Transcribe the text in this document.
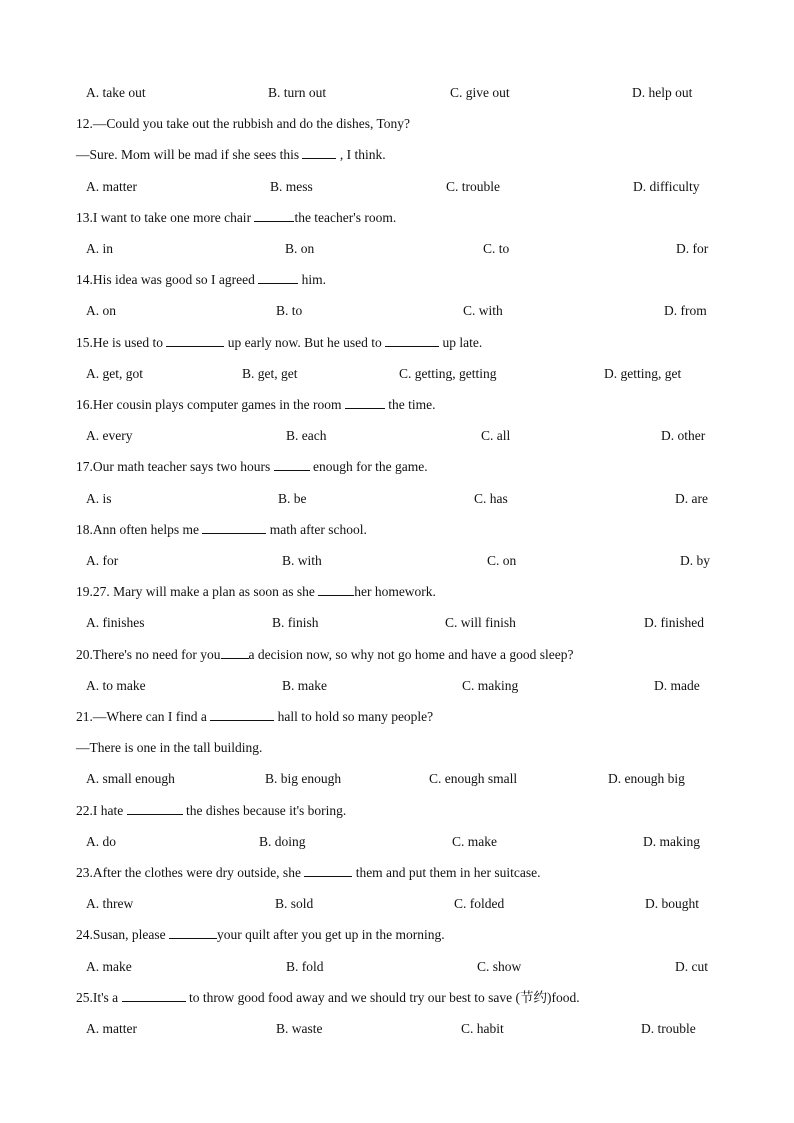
A. take out	B. turn out	C. give out	D. help out
12.—Could you take out the rubbish and do the dishes, Tony?
—Sure. Mom will be mad if she sees this	, I think.
A. matter	B. mess	C. trouble	D. difficulty
13.I want to take one more chair	the teacher's room.
A. in	B. on	C. to	D. for
14.His idea was good so I agreed	him.
A. on	B. to	C. with	D. from
15.He is used to	up early now. But he used to	up late.
A. get, got	B. get, get	C. getting, getting	D. getting, get
16.Her cousin plays computer games in the room	the time.
A. every	B. each	C. all	D. other
17.Our math teacher says two hours	enough for the game.
A. is	B. be	C. has	D. are
18.Ann often helps me	math after school.
A. for	B. with	C. on	D. by
19.27. Mary will make a plan as soon as she	her homework.
A. finishes	B. finish	C. will finish	D. finished
20.There's no need for you a decision now, so why not go home and have a good sleep?
A. to make	B. make	C. making	D. made
21.—Where can I find a	hall to hold so many people?
—There is one in the tall building.
A. small enough	B. big enough	C. enough small	D. enough big
22.I hate	the dishes because it's boring.
A. do	B. doing	C. make	D. making
23.After the clothes were dry outside, she	them and put them in her suitcase.
A. threw	B. sold	C. folded	D. bought
24.Susan, please	your quilt after you get up in the morning.
A. make	B. fold	C. show	D. cut
25.It's a	to throw good food away and we should try our best to save (节约)food.
A. matter	B. waste	C. habit	D. trouble
